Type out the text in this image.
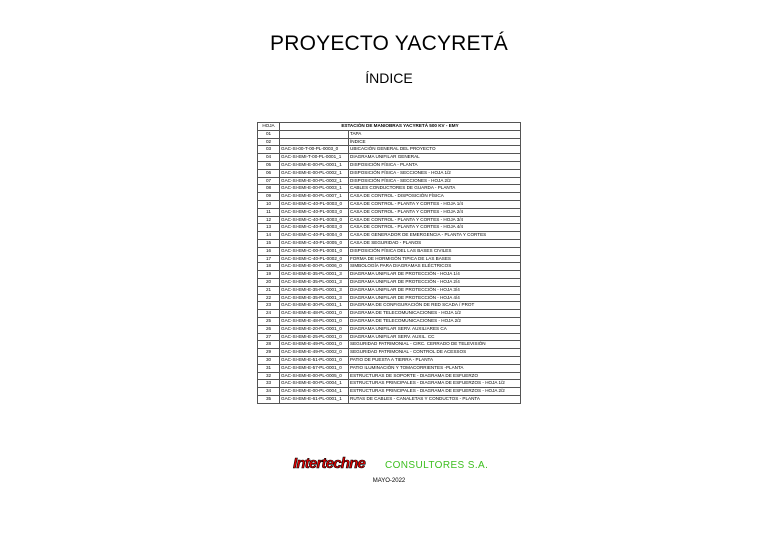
PROYECTO YACYRETÁ
ÍNDICE
HOJA	ESTACIÓN DE MANIOBRAS YACYRETÁ 500 KV - EMY	
01		TAPA
02		ÍNDICE
03	GAC-SI-00-T-00-PL-0003_0	UBICACIÓN GENERAL DEL PROYECTO
04	GAC-SI-EMI-T-00-PL-0001_1	DIAGRAMA UNIFILAR GENERAL
05	GAC-SI-EMI-E-00-PL-0001_1	DISPOSICIÓN FÍSICA - PLANTA
06	GAC-SI-EMI-E-00-PL-0002_1	DISPOSICIÓN FÍSICA - SECCIONES - HOJA 1/2
07	GAC-SI-EMI-E-00-PL-0002_1	DISPOSICIÓN FÍSICA - SECCIONES - HOJA 2/2
08	GAC-SI-EMI-E-00-PL-0003_1	CABLES CONDUCTORES DE GUARDA - PLANTA
09	GAC-SI-EMI-E-00-PL-0007_1	CASA DE CONTROL - DISPOSICIÓN FÍSICA
10	GAC-SI-EMI-C-40-PL-0003_0	CASA DE CONTROL - PLANTA Y CORTES - HOJA 1/4
11	GAC-SI-EMI-C-40-PL-0003_0	CASA DE CONTROL - PLANTA Y CORTES - HOJA 2/4
12	GAC-SI-EMI-C-40-PL-0003_0	CASA DE CONTROL - PLANTA Y CORTES - HOJA 3/4
13	GAC-SI-EMI-C-40-PL-0003_0	CASA DE CONTROL - PLANTA Y CORTES - HOJA 4/4
14	GAC-SI-EMI-C-40-PL-0004_0	CASA DE GENERADOR DE EMERGENCIA - PLANTA Y CORTES
15	GAC-SI-EMI-C-40-PL-0005_0	CASA DE SEGURIDAD - PLANOS
16	GAC-SI-EMI-C-00-PL-0001_0	DISPOSICIÓN FÍSICA DEL LAS BASES CIVILES
17	GAC-SI-EMI-C-40-PL-0002_0	FORMA DE HORMIGÓN TIPICA DE LAS BASES
18	GAC-SI-EMI-E-00-PL-0006_0	SIMBOLOGÍA PARA DIAGRAMAS ELÉCTRICOS
19	GAC-SI-EMI-E-35-PL-0001_3	DIAGRAMA UNIFILAR DE PROTECCIÓN - HOJA 1/4
20	GAC-SI-EMI-E-35-PL-0001_3	DIAGRAMA UNIFILAR DE PROTECCIÓN - HOJA 2/4
21	GAC-SI-EMI-E-35-PL-0001_3	DIAGRAMA UNIFILAR DE PROTECCIÓN - HOJA 3/4
22	GAC-SI-EMI-E-35-PL-0001_3	DIAGRAMA UNIFILAR DE PROTECCIÓN - HOJA 4/4
23	GAC-SI-EMI-E-30-PL-0001_1	DIAGRAMA DE CONFIGURACIÓN DE RED SCADA / PROT
24	GAC-SI-EMI-E-48-PL-0001_0	DIAGRAMA DE TELECOMUNICACIONES - HOJA 1/2
25	GAC-SI-EMI-E-48-PL-0001_0	DIAGRAMA DE TELECOMUNICACIONES - HOJA 2/2
26	GAC-SI-EMI-E-20-PL-0001_0	DIAGRAMA UNIFILAR SERV. AUXILIARES CA
27	GAC-SI-EMI-E-25-PL-0001_0	DIAGRAMA UNIFILAR SERV. AUXIL. CC
28	GAC-SI-EMI-E-49-PL-0001_0	SEGURIDAD PATRIMONIAL - CIRC. CERRADO DE TELEVISIÓN
29	GAC-SI-EMI-E-49-PL-0002_0	SEGURIDAD PATRIMONIAL - CONTROL DE ACESSOS
30	GAC-SI-EMI-E-51-PL-0001_0	PATIO DE PUESTA A TIERRA - PLANTA
31	GAC-SI-EMI-E-57-PL-0001_0	PATIO ILUMINACIÓN Y TOMACORRIENTES -PLANTA
32	GAC-SI-EMI-E-00-PL-0005_0	ESTRUCTURAS DE SOPORTE - DIAGRAMA DE ESFUERZO
33	GAC-SI-EMI-E-00-PL-0004_1	ESTRUCTURAS PRINCIPALES - DIAGRAMA DE ESFUERZOS - HOJA 1/2
34	GAC-SI-EMI-E-00-PL-0004_1	ESTRUCTURAS PRINCIPALES - DIAGRAMA DE ESFUERZOS - HOJA 2/2
35	GAC-SI-EMI-E-61-PL-0001_1	RUTAS DE CABLES - CANALETAS Y CONDUCTOS - PLANTA
Intertechne CONSULTORES S.A.
MAYO-2022
